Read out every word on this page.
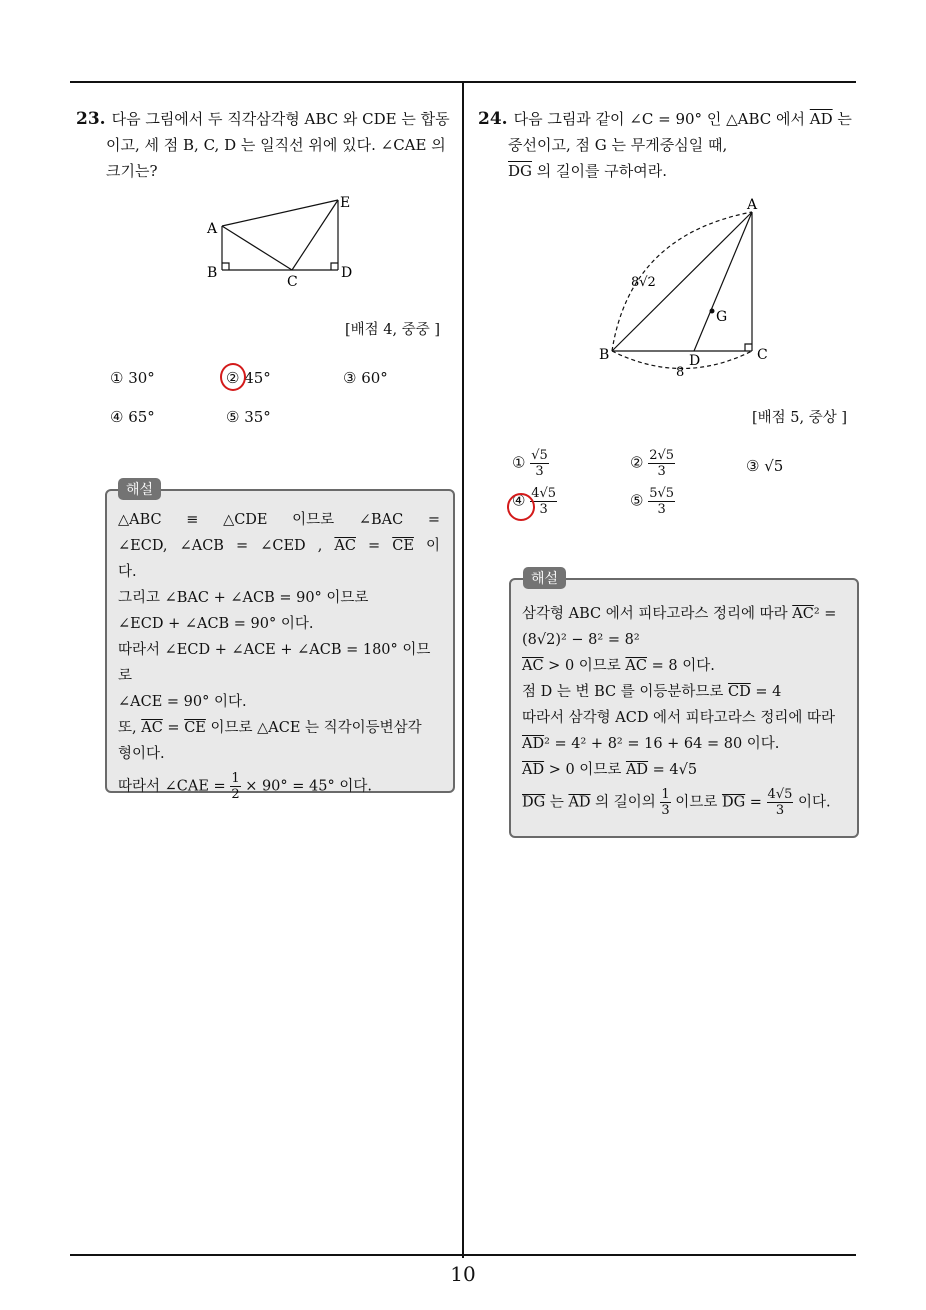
10
23. 다음 그림에서 두 직각삼각형 ABC 와 CDE 는 합동
이고, 세 점 B, C, D 는 일직선 위에 있다. ∠CAE 의
크기는?
A
B
C
D
E
[배점 4, 중중 ]
① 30°	② 45°	③ 60°
④ 65°	⑤ 35°
해설
△ABC ≡ △CDE 이므로 ∠BAC =
∠ECD, ∠ACB = ∠CED , $\overline{AC} = \overline{CE}$ 이
다.
그리고 ∠BAC + ∠ACB = 90° 이므로
∠ECD + ∠ACB = 90° 이다.
따라서 ∠ECD + ∠ACE + ∠ACB = 180° 이므로
∠ACE = 90° 이다.
또, $\overline{AC} = \overline{CE}$ 이므로 △ACE 는 직각이등변삼각
형이다.
따라서 ∠CAE = $\frac{1}{2} \times 90^\circ = 45^\circ$ 이다.
24. 다음 그림과 같이 ∠C = 90° 인 △ABC 에서 $\overline{AD}$ 는
중선이고, 점 G 는 무게중심일 때,
$\overline{DG}$ 의 길이를 구하여라.
A
B	C
D
G
8√2
8
[배점 5, 중상 ]
① $\frac{√5}{3}$	② $\frac{2√5}{3}$	③ √5
④ $\frac{4√5}{3}$	⑤ $\frac{5√5}{3}$
해설
삼각형 ABC 에서 피타고라스 정리에 따라 $\overline{AC}^2$ =
(8√2)² − 8² = 8²
$\overline{AC} > 0$ 이므로 $\overline{AC} = 8$ 이다.
점 D 는 변 BC 를 이등분하므로 $\overline{CD} = 4$
따라서 삼각형 ACD 에서 피타고라스 정리에 따라
$\overline{AD}^2 = 4^2 + 8^2 = 16 + 64 = 80$ 이다.
$\overline{AD} > 0$ 이므로 $\overline{AD} = 4√5$
$\overline{DG}$ 는 $\overline{AD}$ 의 길이의 $\frac{1}{3}$ 이므로 $\overline{DG} = \frac{4√5}{3}$ 이다.
